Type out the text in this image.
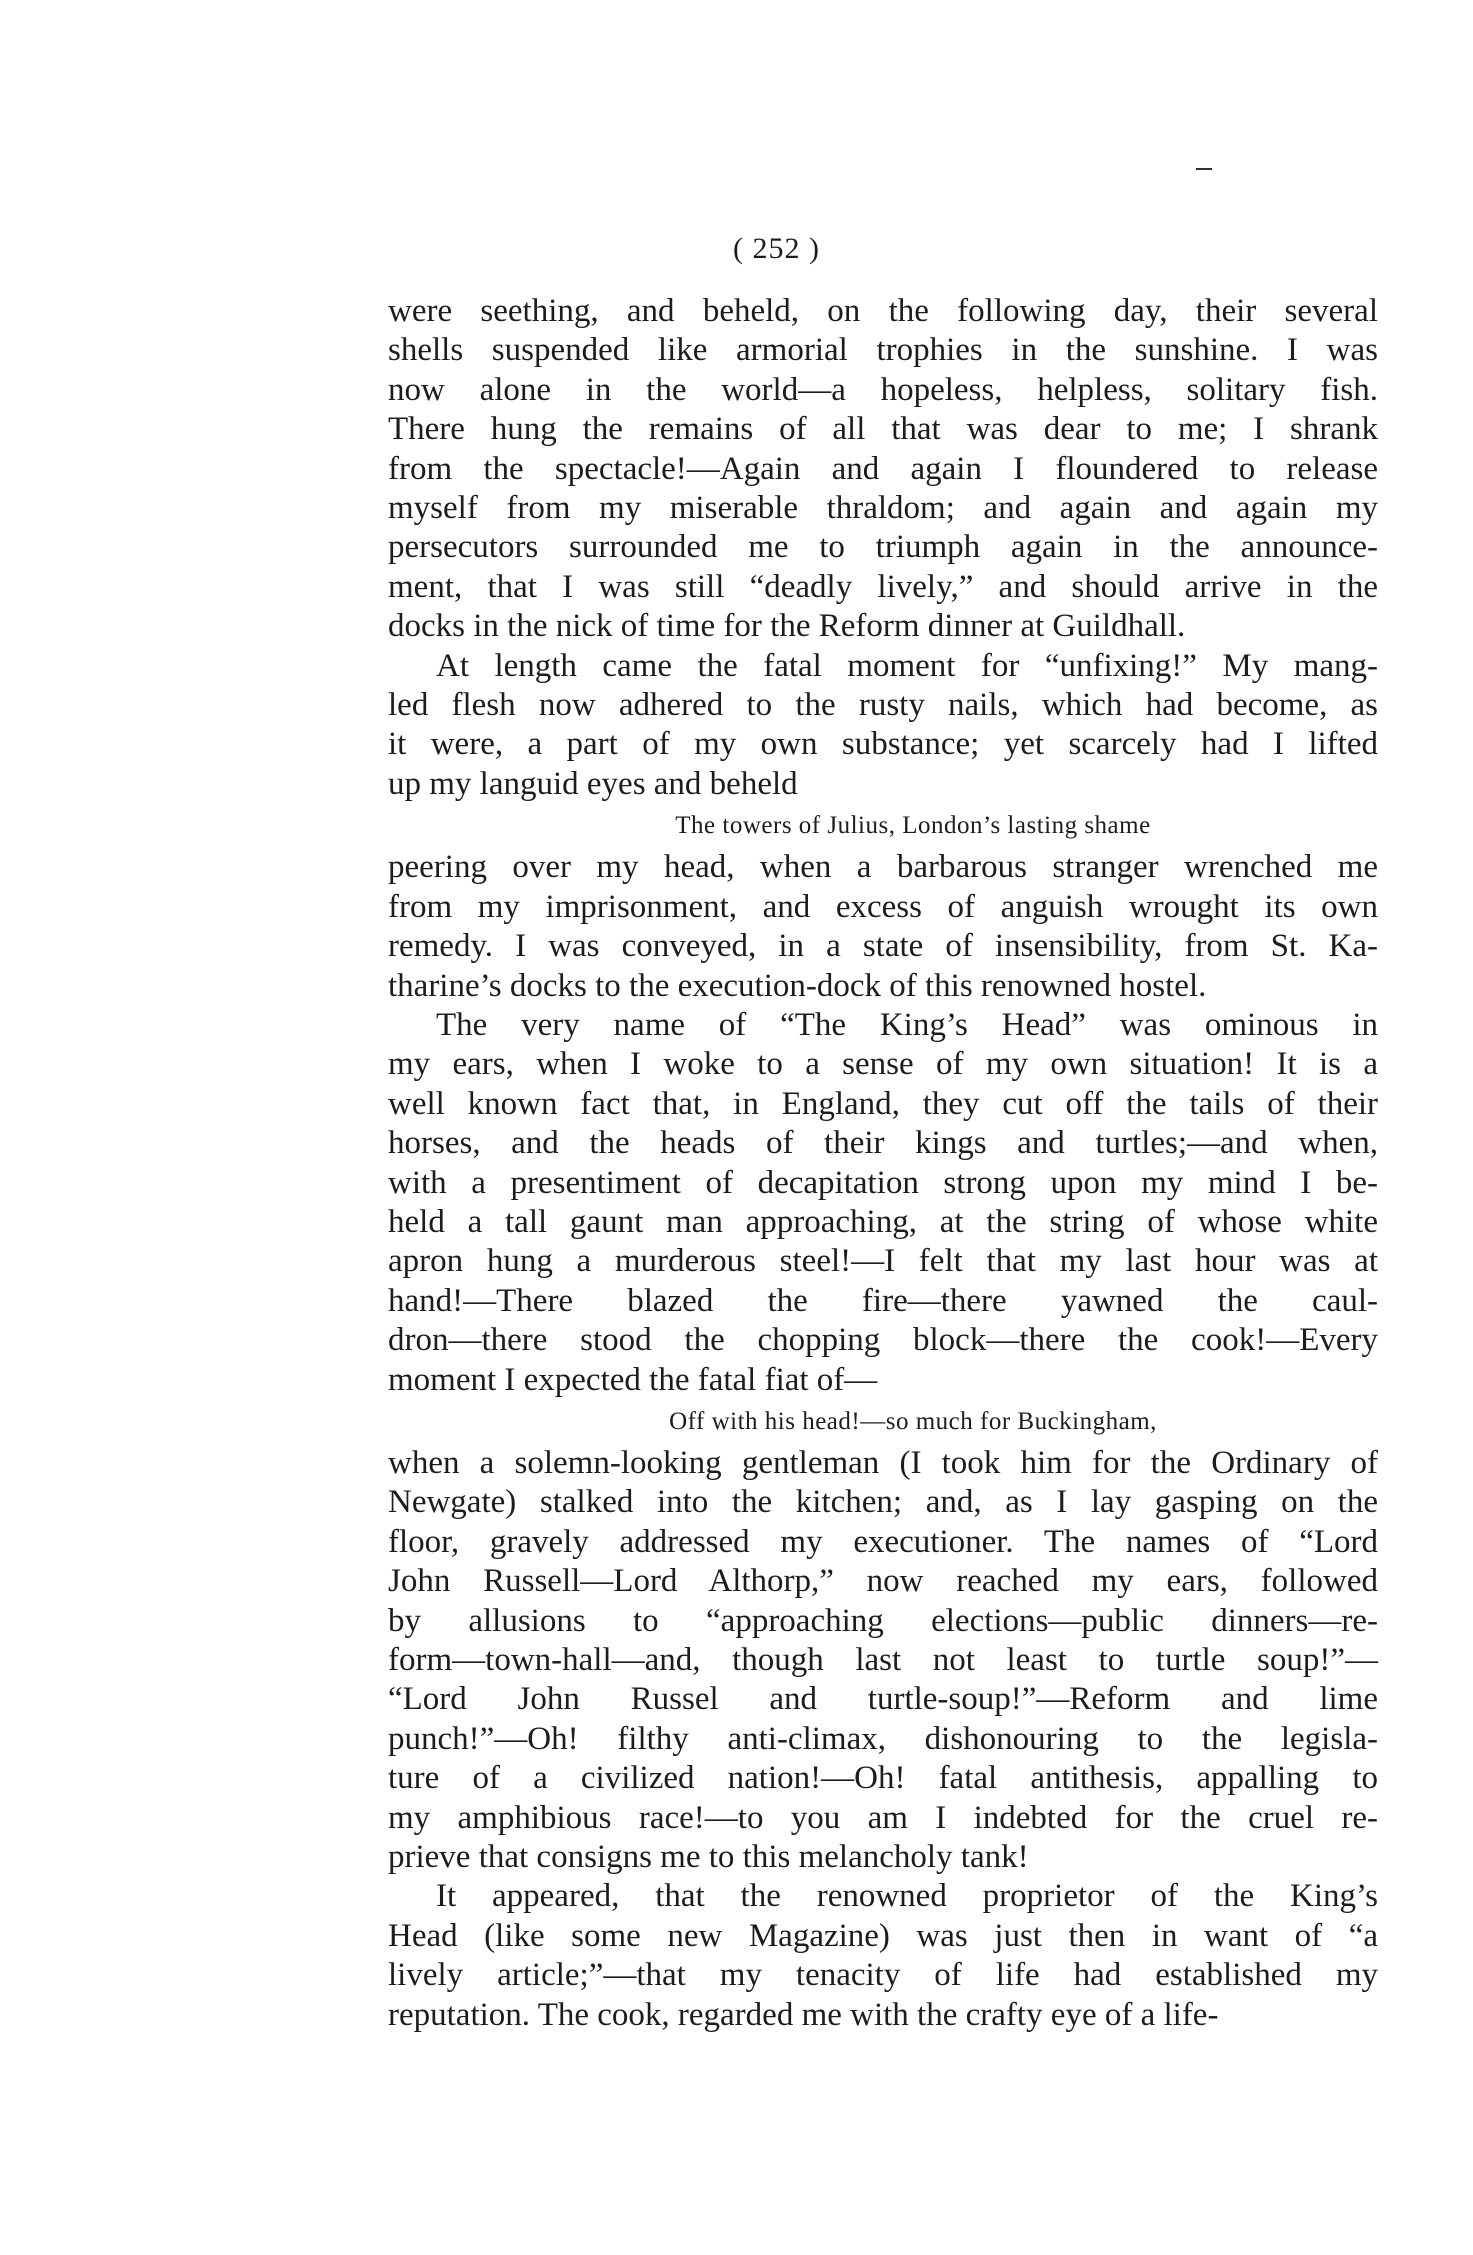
( 252 )
were seething, and beheld, on the following day, their several
shells suspended like armorial trophies in the sunshine. I was
now alone in the world—a hopeless, helpless, solitary fish.
There hung the remains of all that was dear to me; I shrank
from the spectacle!—Again and again I floundered to release
myself from my miserable thraldom; and again and again my
persecutors surrounded me to triumph again in the announce-
ment, that I was still “deadly lively,” and should arrive in the
docks in the nick of time for the Reform dinner at Guildhall.
At length came the fatal moment for “unfixing!” My mang-
led flesh now adhered to the rusty nails, which had become, as
it were, a part of my own substance; yet scarcely had I lifted
up my languid eyes and beheld
The towers of Julius, London’s lasting shame
peering over my head, when a barbarous stranger wrenched me
from my imprisonment, and excess of anguish wrought its own
remedy. I was conveyed, in a state of insensibility, from St. Ka-
tharine’s docks to the execution-dock of this renowned hostel.
The very name of “The King’s Head” was ominous in
my ears, when I woke to a sense of my own situation! It is a
well known fact that, in England, they cut off the tails of their
horses, and the heads of their kings and turtles;—and when,
with a presentiment of decapitation strong upon my mind I be-
held a tall gaunt man approaching, at the string of whose white
apron hung a murderous steel!—I felt that my last hour was at
hand!—There blazed the fire—there yawned the caul-
dron—there stood the chopping block—there the cook!—Every
moment I expected the fatal fiat of—
Off with his head!—so much for Buckingham,
when a solemn-looking gentleman (I took him for the Ordinary of
Newgate) stalked into the kitchen; and, as I lay gasping on the
floor, gravely addressed my executioner. The names of “Lord
John Russell—Lord Althorp,” now reached my ears, followed
by allusions to “approaching elections—public dinners—re-
form—town-hall—and, though last not least to turtle soup!”—
“Lord John Russel and turtle-soup!”—Reform and lime
punch!”—Oh! filthy anti-climax, dishonouring to the legisla-
ture of a civilized nation!—Oh! fatal antithesis, appalling to
my amphibious race!—to you am I indebted for the cruel re-
prieve that consigns me to this melancholy tank!
It appeared, that the renowned proprietor of the King’s
Head (like some new Magazine) was just then in want of “a
lively article;”—that my tenacity of life had established my
reputation. The cook, regarded me with the crafty eye of a life-
